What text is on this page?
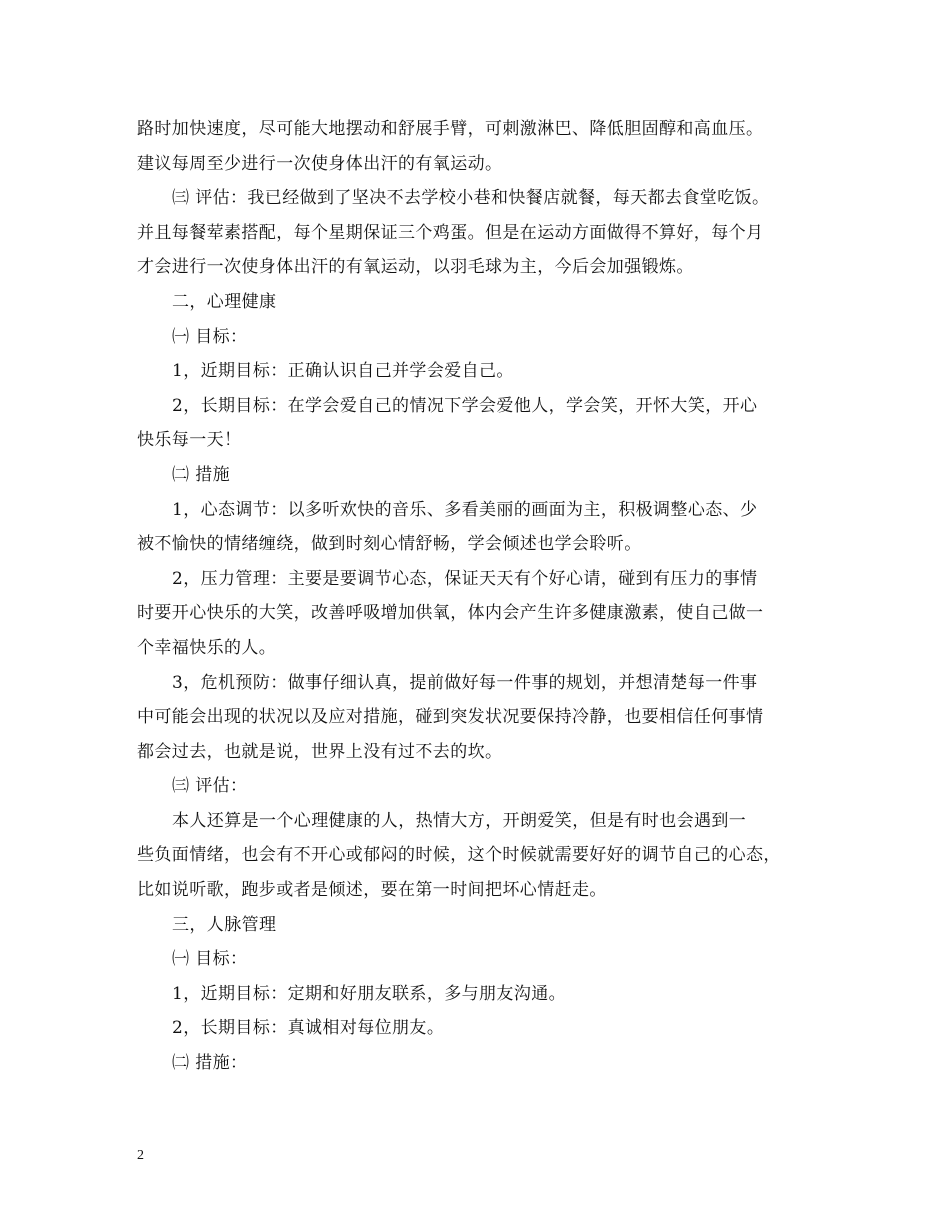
路时加快速度，尽可能大地摆动和舒展手臂，可刺激淋巴、降低胆固醇和高血压。
建议每周至少进行一次使身体出汗的有氧运动。
㈢ 评估：我已经做到了坚决不去学校小巷和快餐店就餐，每天都去食堂吃饭。
并且每餐荤素搭配，每个星期保证三个鸡蛋。但是在运动方面做得不算好，每个月
才会进行一次使身体出汗的有氧运动，以羽毛球为主，今后会加强锻炼。
二，心理健康
㈠ 目标：
1，近期目标：正确认识自己并学会爱自己。
2，长期目标：在学会爱自己的情况下学会爱他人，学会笑，开怀大笑，开心
快乐每一天！
㈡ 措施
1，心态调节：以多听欢快的音乐、多看美丽的画面为主，积极调整心态、少
被不愉快的情绪缠绕，做到时刻心情舒畅，学会倾述也学会聆听。
2，压力管理：主要是要调节心态，保证天天有个好心请，碰到有压力的事情
时要开心快乐的大笑，改善呼吸增加供氧，体内会产生许多健康激素，使自己做一
个幸福快乐的人。
3，危机预防：做事仔细认真，提前做好每一件事的规划，并想清楚每一件事
中可能会出现的状况以及应对措施，碰到突发状况要保持冷静，也要相信任何事情
都会过去，也就是说，世界上没有过不去的坎。
㈢ 评估：
本人还算是一个心理健康的人，热情大方，开朗爱笑，但是有时也会遇到一
些负面情绪，也会有不开心或郁闷的时候，这个时候就需要好好的调节自己的心态，
比如说听歌，跑步或者是倾述，要在第一时间把坏心情赶走。
三，人脉管理
㈠ 目标：
1，近期目标：定期和好朋友联系，多与朋友沟通。
2，长期目标：真诚相对每位朋友。
㈡ 措施：
2
